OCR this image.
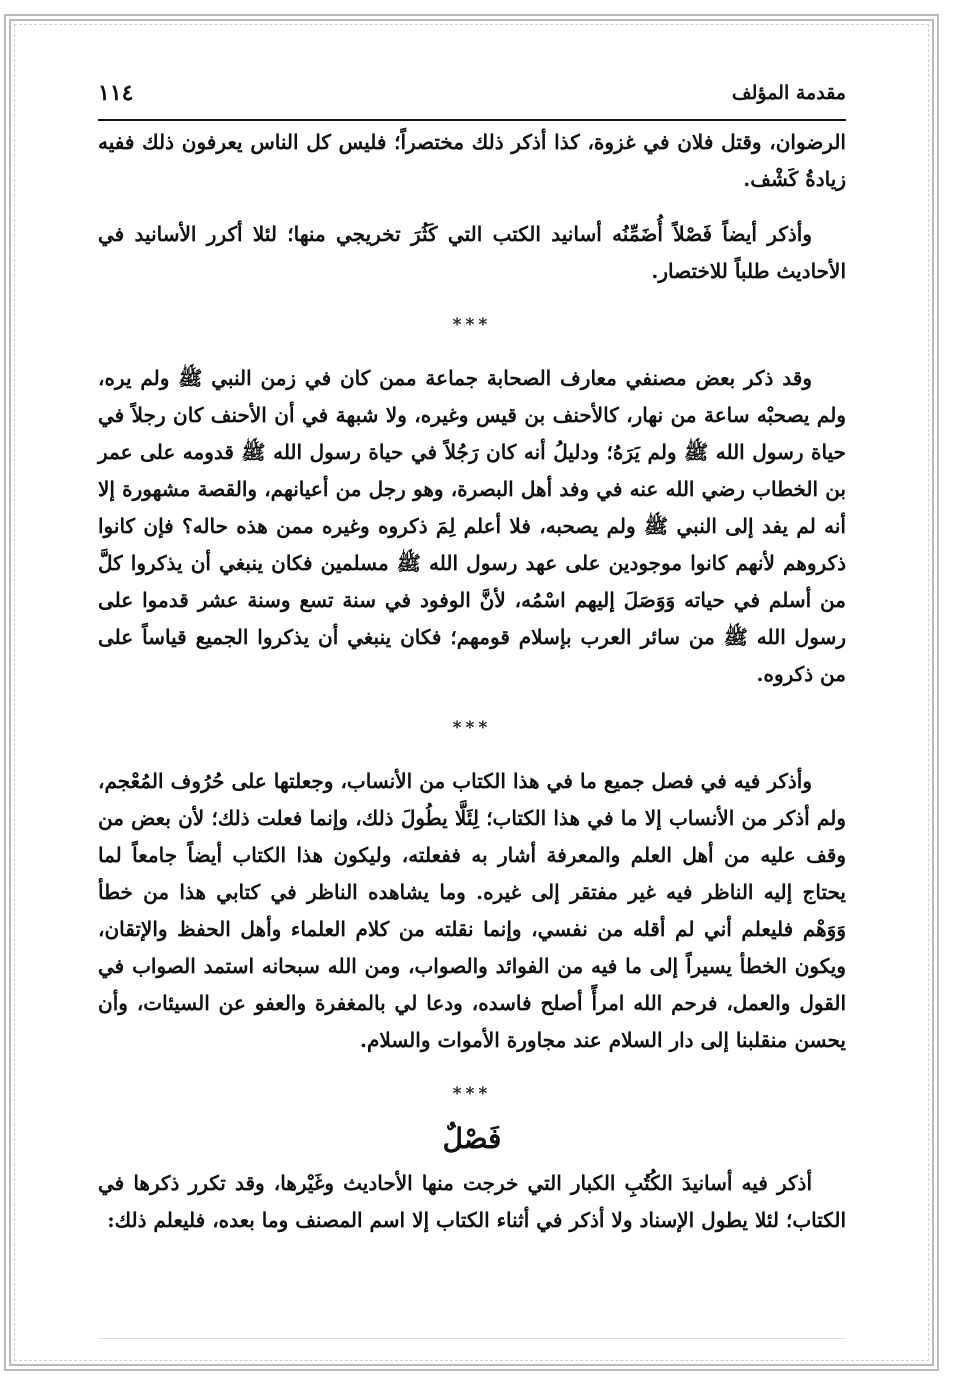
مقدمة المؤلف
١١٤

الرضوان، وقتل فلان في غزوة، كذا أذكر ذلك مختصراً؛ فليس كل الناس يعرفون ذلك ففيه زيادةُ كَشْف.

وأذكر أيضاً فَصْلاً أُضَمِّنُه أسانيد الكتب التي كَثُرَ تخريجي منها؛ لئلا أكرر الأسانيد في الأحاديث طلباً للاختصار.

***

وقد ذكر بعض مصنفي معارف الصحابة جماعة ممن كان في زمن النبي ﷺ ولم يره، ولم يصحبْه ساعة من نهار، كالأحنف بن قيس وغيره، ولا شبهة في أن الأحنف كان رجلاً في حياة رسول الله ﷺ ولم يَرَهُ؛ ودليلُ أنه كان رَجُلاً في حياة رسول الله ﷺ قدومه على عمر بن الخطاب رضي الله عنه في وفد أهل البصرة، وهو رجل من أعيانهم، والقصة مشهورة إلا أنه لم يفد إلى النبي ﷺ ولم يصحبه، فلا أعلم لِمَ ذكروه وغيره ممن هذه حاله؟ فإن كانوا ذكروهم لأنهم كانوا موجودين على عهد رسول الله ﷺ مسلمين فكان ينبغي أن يذكروا كلَّ من أسلم في حياته وَوَصَلَ إليهم اسْمُه، لأنَّ الوفود في سنة تسع وسنة عشر قدموا على رسول الله ﷺ من سائر العرب بإسلام قومهم؛ فكان ينبغي أن يذكروا الجميع قياساً على من ذكروه.

***

وأذكر فيه في فصل جميع ما في هذا الكتاب من الأنساب، وجعلتها على حُرُوف المُعْجم، ولم أذكر من الأنساب إلا ما في هذا الكتاب؛ لِئَلَّا يطُولَ ذلك، وإنما فعلت ذلك؛ لأن بعض من وقف عليه من أهل العلم والمعرفة أشار به ففعلته، وليكون هذا الكتاب أيضاً جامعاً لما يحتاج إليه الناظر فيه غير مفتقر إلى غيره. وما يشاهده الناظر في كتابي هذا من خطأ وَوَهْم فليعلم أني لم أقله من نفسي، وإنما نقلته من كلام العلماء وأهل الحفظ والإتقان، ويكون الخطأ يسيراً إلى ما فيه من الفوائد والصواب، ومن الله سبحانه استمد الصواب في القول والعمل، فرحم الله امرأً أصلح فاسده، ودعا لي بالمغفرة والعفو عن السيئات، وأن يحسن منقلبنا إلى دار السلام عند مجاورة الأموات والسلام.

***
فَصْلٌ

أذكر فيه أسانيدَ الكُتُبِ الكبار التي خرجت منها الأحاديث وغَيْرها، وقد تكرر ذكرها في الكتاب؛ لئلا يطول الإسناد ولا أذكر في أثناء الكتاب إلا اسم المصنف وما بعده، فليعلم ذلك:
